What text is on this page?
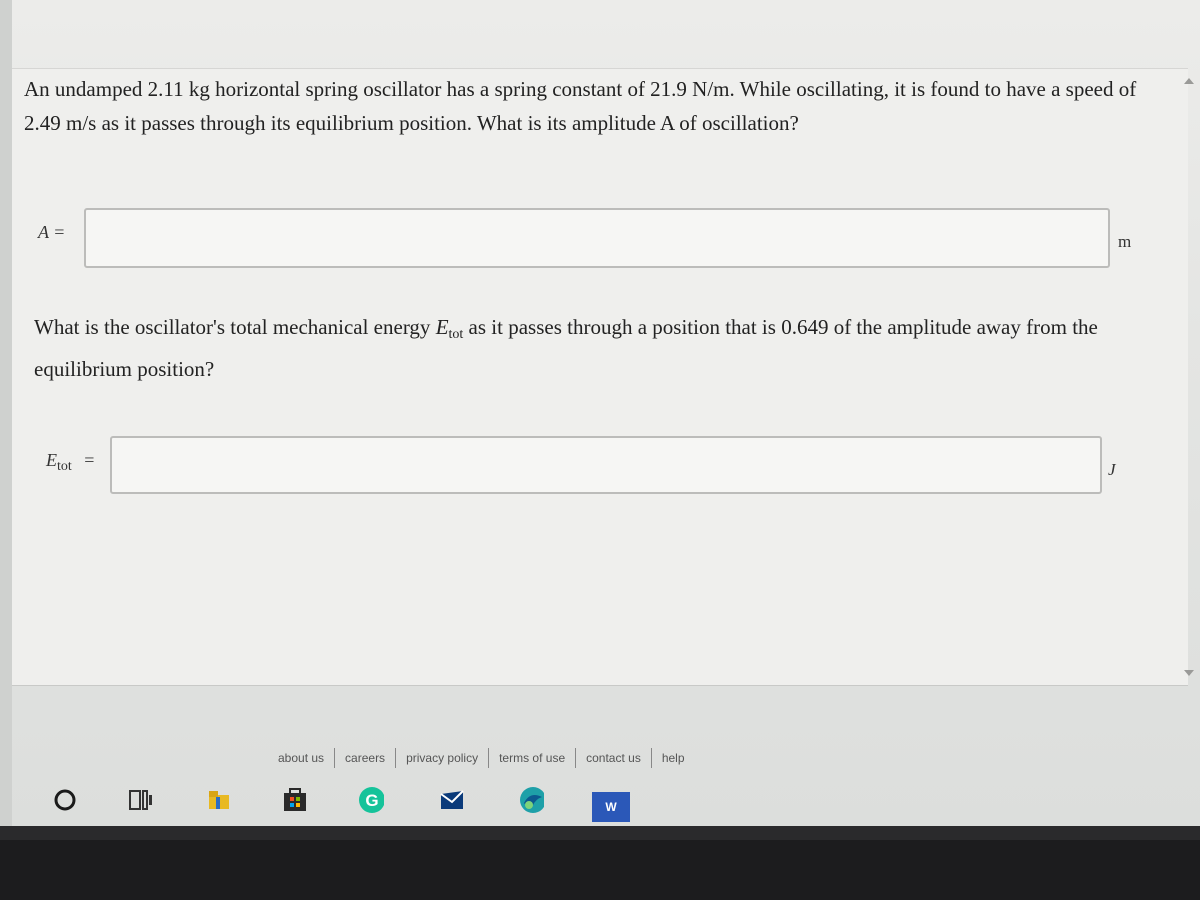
An undamped 2.11 kg horizontal spring oscillator has a spring constant of 21.9 N/m. While oscillating, it is found to have a speed of 2.49 m/s as it passes through its equilibrium position. What is its amplitude A of oscillation?
A =	m
What is the oscillator's total mechanical energy $E_{tot}$ as it passes through a position that is 0.649 of the amplitude away from the equilibrium position?
$E_{tot}$ =	J
about us	careers	privacy policy	terms of use	contact us	help
G	W
